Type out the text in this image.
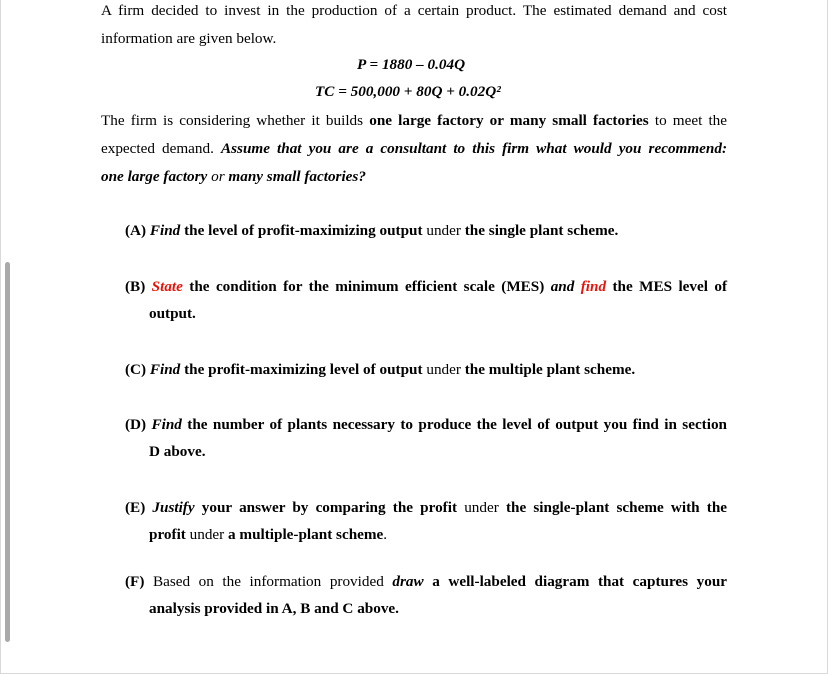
A firm decided to invest in the production of a certain product. The estimated demand and cost
information are given below.

P = 1880 – 0.04Q
TC = 500,000 + 80Q + 0.02Q²

The firm is considering whether it builds one large factory or many small factories to meet the
expected demand. Assume that you are a consultant to this firm what would you recommend:
one large factory or many small factories?

(A) Find the level of profit-maximizing output under the single plant scheme.
(B) State the condition for the minimum efficient scale (MES) and find the MES level of
output.
(C) Find the profit-maximizing level of output under the multiple plant scheme.
(D) Find the number of plants necessary to produce the level of output you find in section
D above.
(E) Justify your answer by comparing the profit under the single-plant scheme with the
profit under a multiple-plant scheme.
(F) Based on the information provided draw a well-labeled diagram that captures your
analysis provided in A, B and C above.
